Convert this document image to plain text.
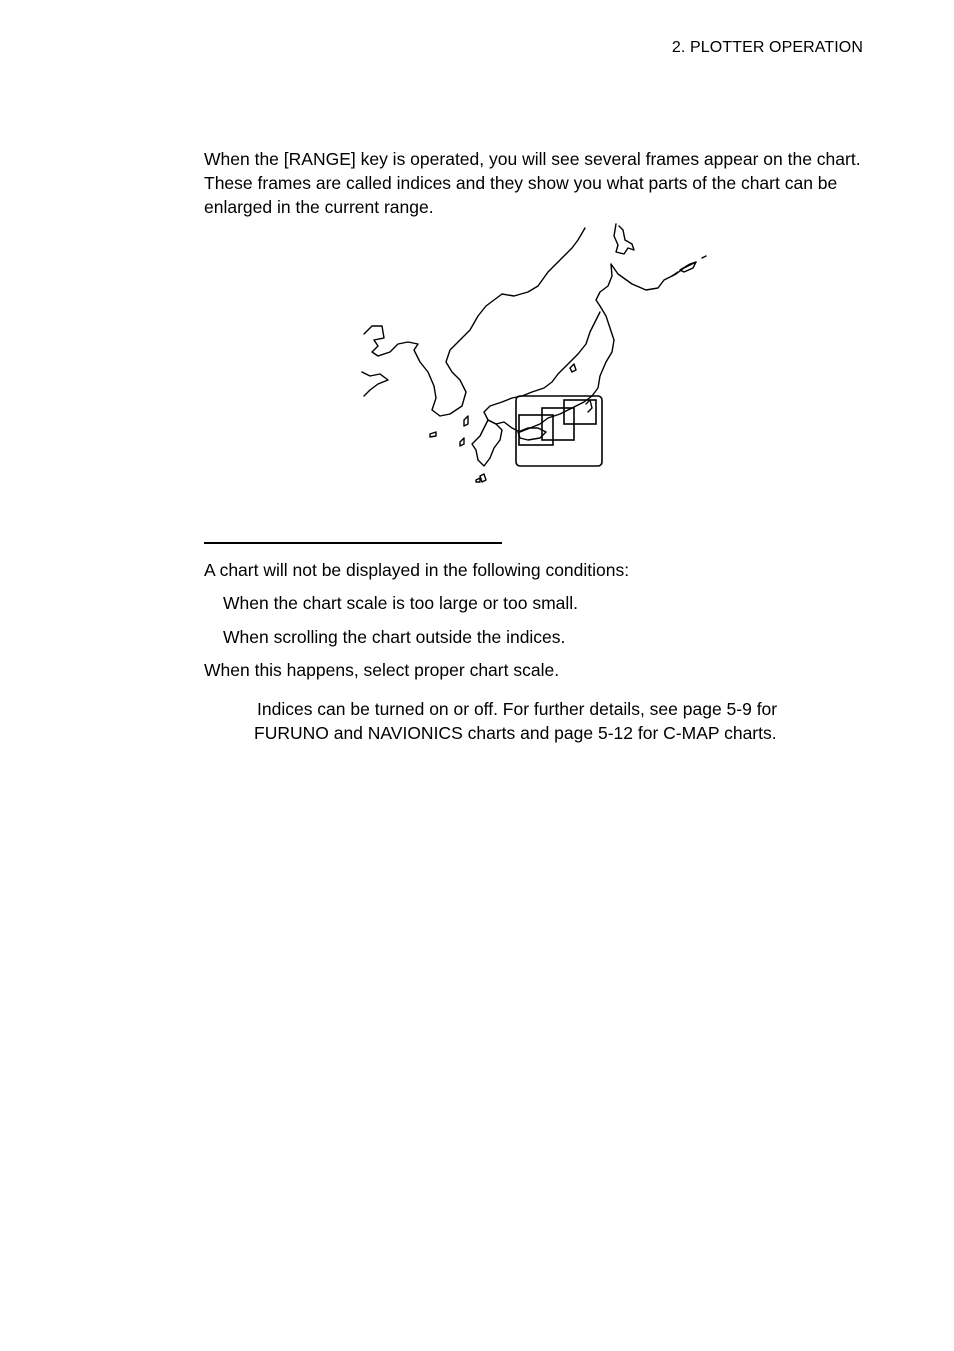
2. PLOTTER OPERATION
When the [RANGE] key is operated, you will see several frames appear on the chart. These frames are called indices and they show you what parts of the chart can be enlarged in the current range.
A chart will not be displayed in the following conditions:
When the chart scale is too large or too small.
When scrolling the chart outside the indices.
When this happens, select proper chart scale.
Indices can be turned on or off. For further details, see page 5-9 for
FURUNO and NAVIONICS charts and page 5-12 for C-MAP charts.
